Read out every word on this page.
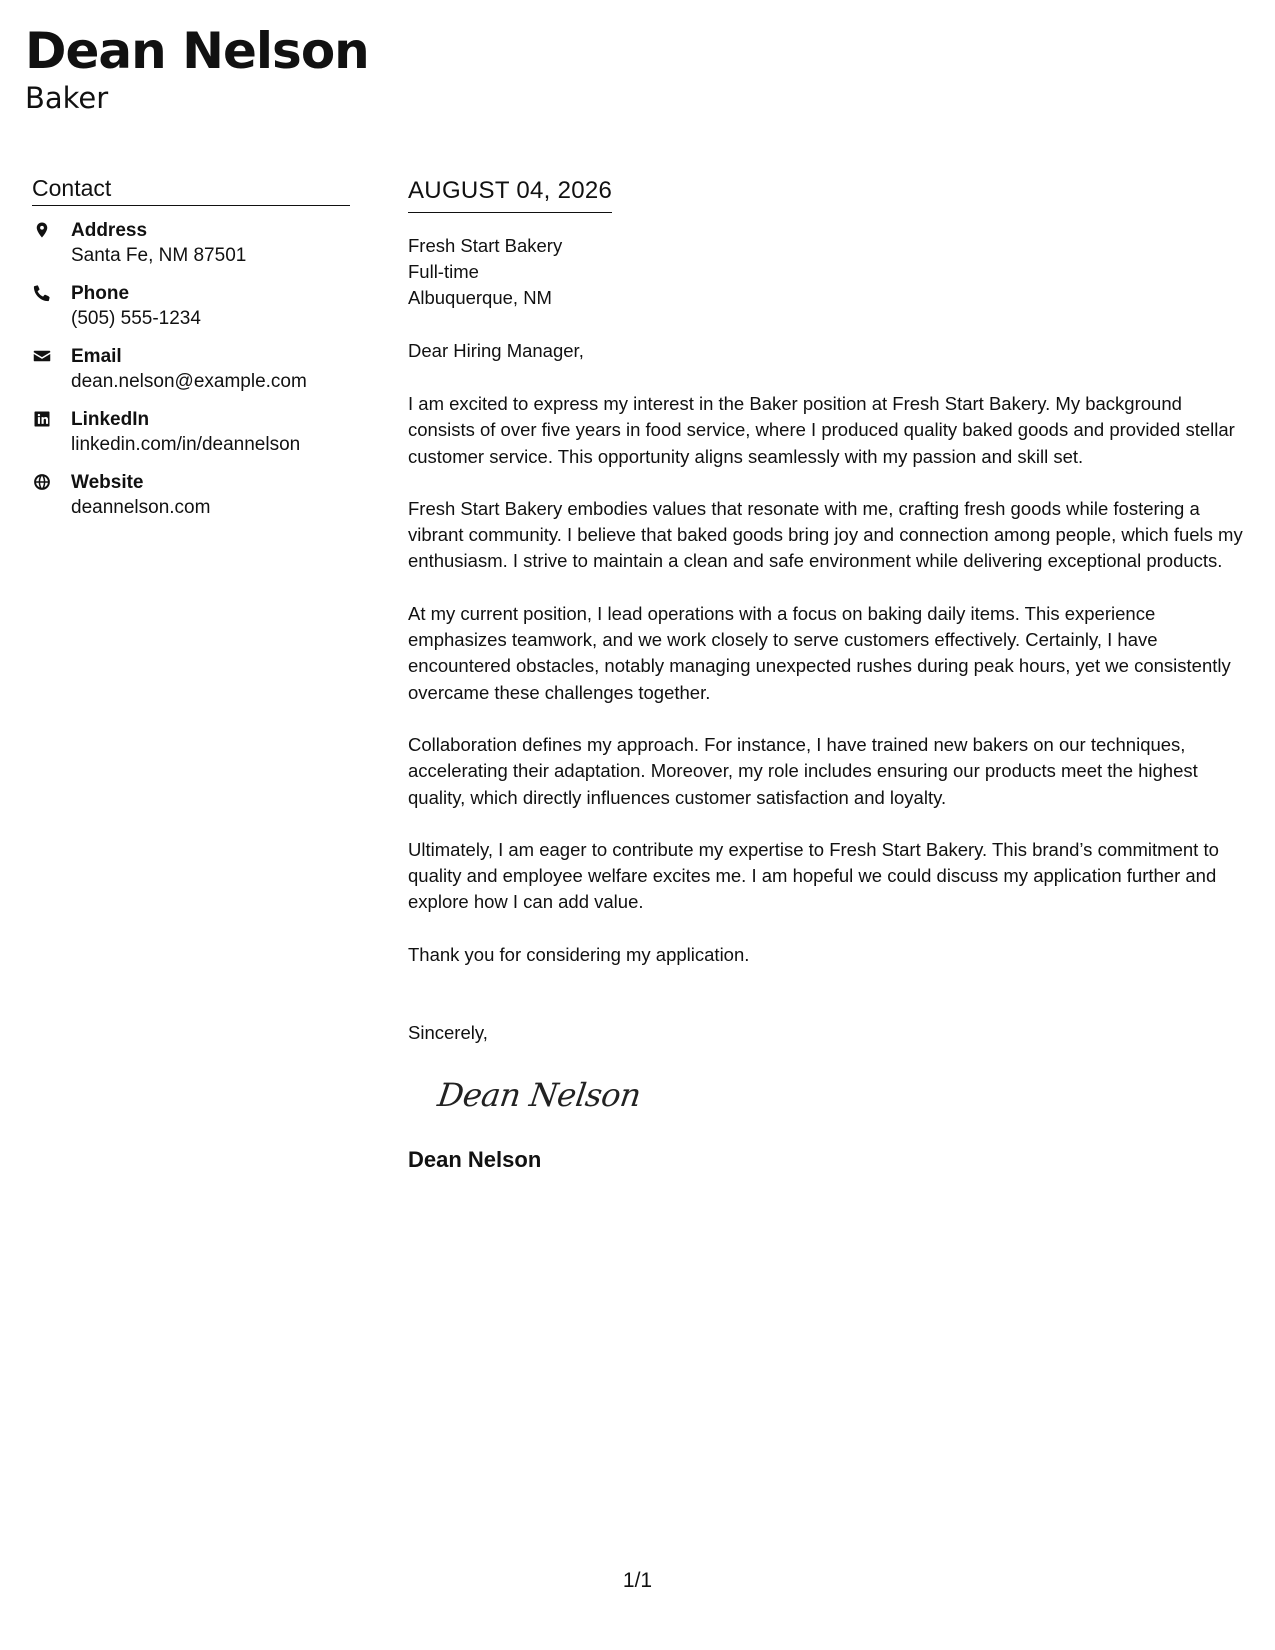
Dean Nelson
Baker
Contact
Address
Santa Fe, NM 87501
Phone
(505) 555-1234
Email
dean.nelson@example.com
LinkedIn
linkedin.com/in/deannelson
Website
deannelson.com
AUGUST 04, 2026
Fresh Start Bakery
Full-time
Albuquerque, NM
Dear Hiring Manager,

I am excited to express my interest in the Baker position at Fresh Start Bakery. My background consists of over five years in food service, where I produced quality baked goods and provided stellar customer service. This opportunity aligns seamlessly with my passion and skill set.

Fresh Start Bakery embodies values that resonate with me, crafting fresh goods while fostering a vibrant community. I believe that baked goods bring joy and connection among people, which fuels my enthusiasm. I strive to maintain a clean and safe environment while delivering exceptional products.

At my current position, I lead operations with a focus on baking daily items. This experience emphasizes teamwork, and we work closely to serve customers effectively. Certainly, I have encountered obstacles, notably managing unexpected rushes during peak hours, yet we consistently overcame these challenges together.

Collaboration defines my approach. For instance, I have trained new bakers on our techniques, accelerating their adaptation. Moreover, my role includes ensuring our products meet the highest quality, which directly influences customer satisfaction and loyalty.

Ultimately, I am eager to contribute my expertise to Fresh Start Bakery. This brand’s commitment to quality and employee welfare excites me. I am hopeful we could discuss my application further and explore how I can add value.

Thank you for considering my application.

Sincerely,
Dean Nelson
Dean Nelson
1/1
